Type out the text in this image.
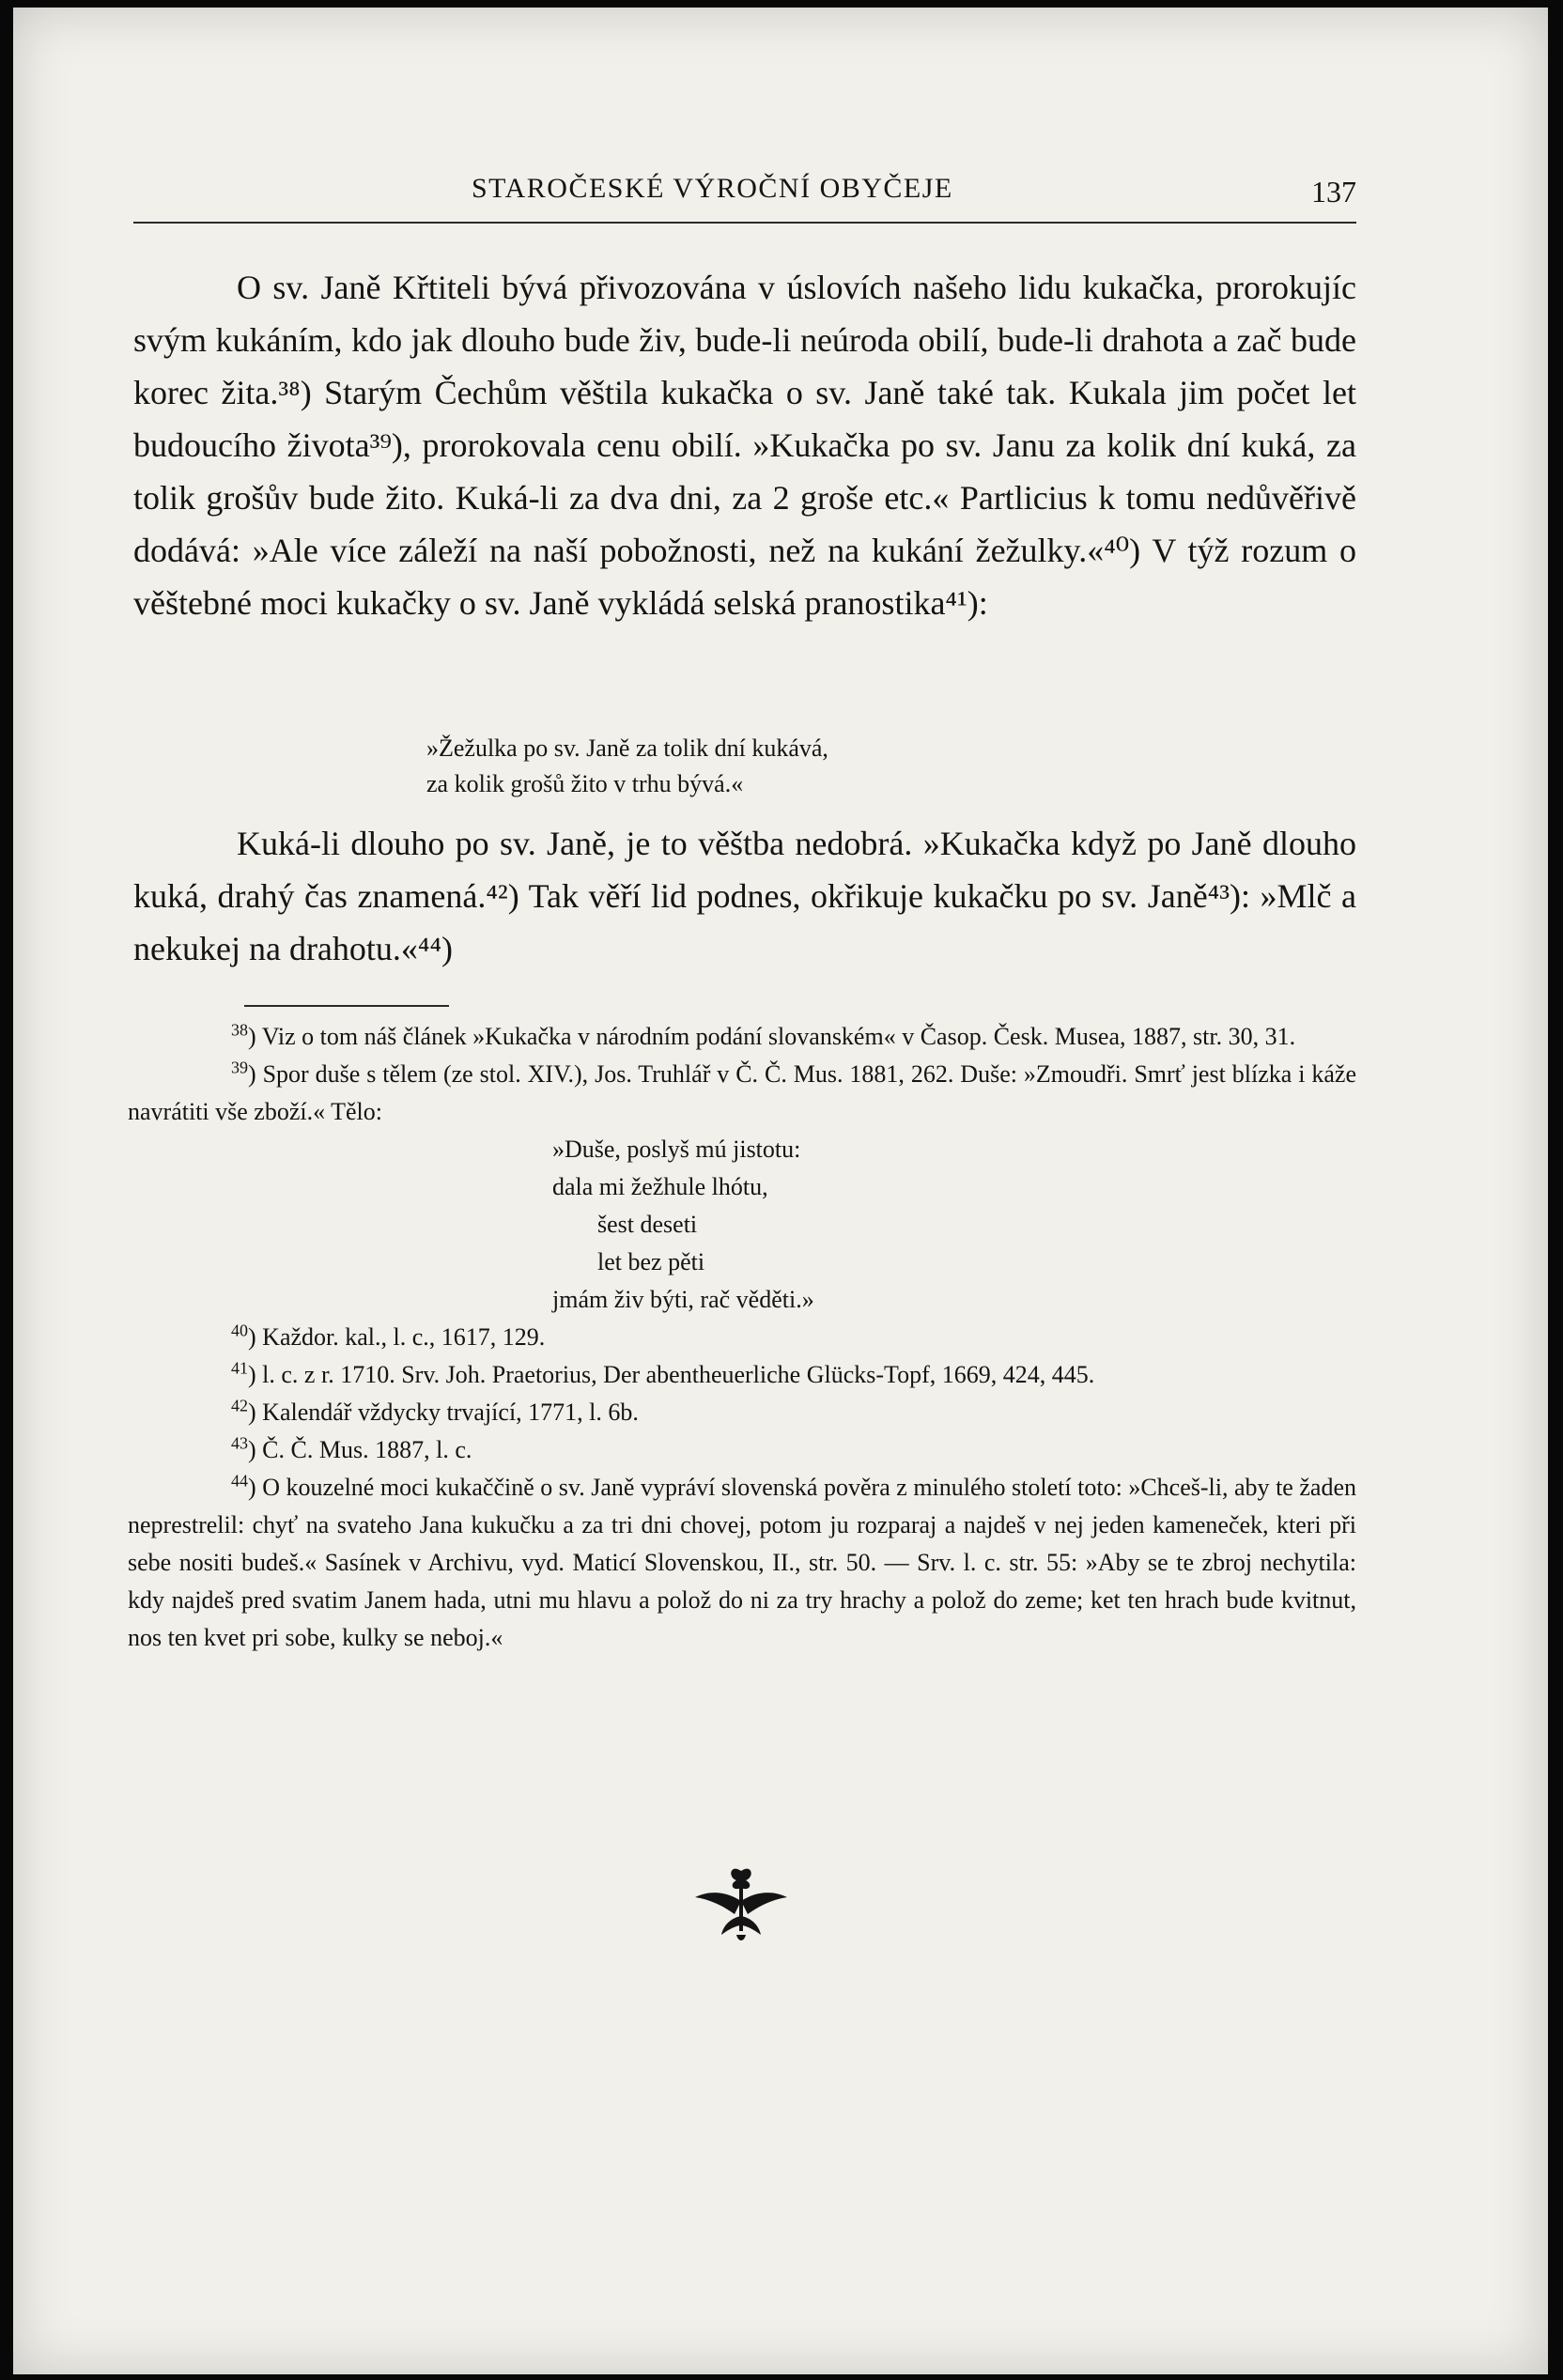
STAROČESKÉ VÝROČNÍ OBYČEJE	137

O sv. Janě Křtiteli bývá přivozována v úslovích našeho lidu kukačka, prorokujíc svým kukáním, kdo jak dlouho bude živ, bude-li neúroda obilí, bude-li drahota a zač bude korec žita.³⁸) Starým Čechům věštila kukačka o sv. Janě také tak. Kukala jim počet let budoucího života³⁹), prorokovala cenu obilí. »Kukačka po sv. Janu za kolik dní kuká, za tolik grošův bude žito. Kuká-li za dva dni, za 2 groše etc.« Partlicius k tomu nedůvěřivě dodává: »Ale více záleží na naší pobožnosti, než na kukání žežulky.«⁴⁰) V týž rozum o věštebné moci kukačky o sv. Janě vykládá selská pranostika⁴¹):

»Žežulka po sv. Janě za tolik dní kukává,
za kolik grošů žito v trhu bývá.«

Kuká-li dlouho po sv. Janě, je to věštba nedobrá. »Kukačka když po Janě dlouho kuká, drahý čas znamená.⁴²) Tak věří lid podnes, okřikuje kukačku po sv. Janě⁴³): »Mlč a nekukej na drahotu.«⁴⁴)

$^{38}$) Viz o tom náš článek »Kukačka v národním podání slovanském« v Časop. Česk. Musea, 1887, str. 30, 31.

$^{39}$) Spor duše s tělem (ze stol. XIV.), Jos. Truhlář v Č. Č. Mus. 1881, 262. Duše: »Zmoudři. Smrť jest blízka i káže navrátiti vše zboží.« Tělo:

»Duše, poslyš mú jistotu:
dala mi žežhule lhótu,
šest deseti
let bez pěti
jmám živ býti, rač věděti.»

$^{40}$) Každor. kal., l. c., 1617, 129.

$^{41}$) l. c. z r. 1710. Srv. Joh. Praetorius, Der abentheuerliche Glücks-Topf, 1669, 424, 445.

$^{42}$) Kalendář vždycky trvající, 1771, l. 6b.

$^{43}$) Č. Č. Mus. 1887, l. c.

$^{44}$) O kouzelné moci kukaččině o sv. Janě vypráví slovenská pověra z minulého století toto: »Chceš-li, aby te žaden neprestrelil: chyť na svateho Jana kukučku a za tri dni chovej, potom ju rozparaj a najdeš v nej jeden kameneček, kteri při sebe nositi budeš.« Sasínek v Archivu, vyd. Maticí Slovenskou, II., str. 50. — Srv. l. c. str. 55: »Aby se te zbroj nechytila: kdy najdeš pred svatim Janem hada, utni mu hlavu a polož do ni za try hrachy a polož do zeme; ket ten hrach bude kvitnut, nos ten kvet pri sobe, kulky se neboj.«
